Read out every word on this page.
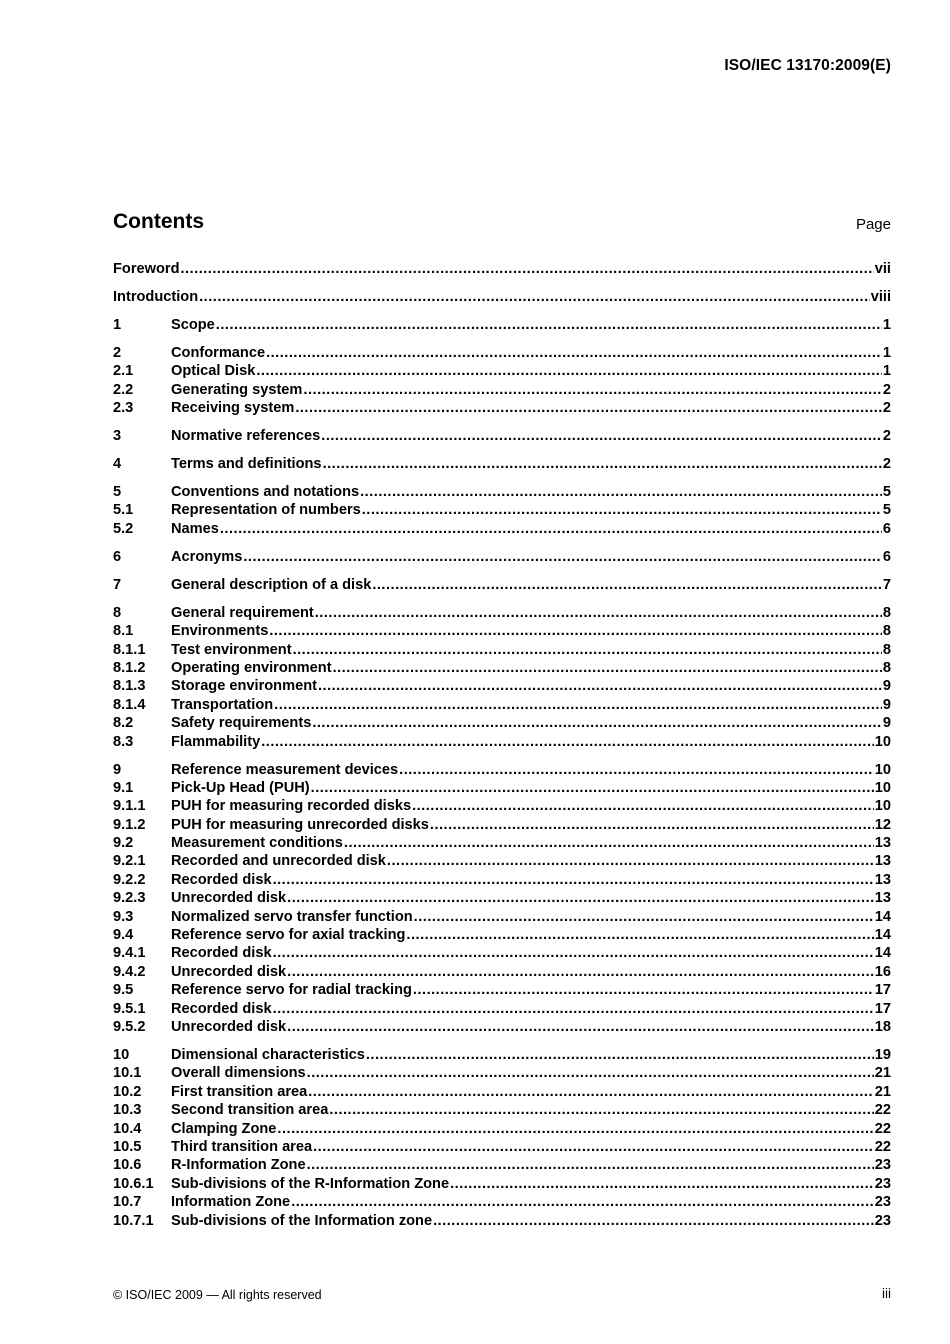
ISO/IEC 13170:2009(E)
Contents	Page
Foreword .....	vii
Introduction .....	viii
1	Scope .....	1
2	Conformance .....	1
2.1	Optical Disk .....	1
2.2	Generating system .....	2
2.3	Receiving system .....	2
3	Normative references .....	2
4	Terms and definitions .....	2
5	Conventions and notations .....	5
5.1	Representation of numbers .....	5
5.2	Names .....	6
6	Acronyms .....	6
7	General description of a disk .....	7
8	General requirement .....	8
8.1	Environments .....	8
8.1.1	Test environment .....	8
8.1.2	Operating environment .....	8
8.1.3	Storage environment .....	9
8.1.4	Transportation .....	9
8.2	Safety requirements .....	9
8.3	Flammability .....	10
9	Reference measurement devices .....	10
9.1	Pick-Up Head (PUH) .....	10
9.1.1	PUH for measuring recorded disks .....	10
9.1.2	PUH for measuring unrecorded disks .....	12
9.2	Measurement conditions .....	13
9.2.1	Recorded and unrecorded disk .....	13
9.2.2	Recorded disk .....	13
9.2.3	Unrecorded disk .....	13
9.3	Normalized servo transfer function .....	14
9.4	Reference servo for axial tracking .....	14
9.4.1	Recorded disk .....	14
9.4.2	Unrecorded disk .....	16
9.5	Reference servo for radial tracking .....	17
9.5.1	Recorded disk .....	17
9.5.2	Unrecorded disk .....	18
10	Dimensional characteristics .....	19
10.1	Overall dimensions .....	21
10.2	First transition area .....	21
10.3	Second transition area .....	22
10.4	Clamping Zone .....	22
10.5	Third transition area .....	22
10.6	R-Information Zone .....	23
10.6.1	Sub-divisions of the R-Information Zone .....	23
10.7	Information Zone .....	23
10.7.1	Sub-divisions of the Information zone .....	23
© ISO/IEC 2009 — All rights reserved	iii
